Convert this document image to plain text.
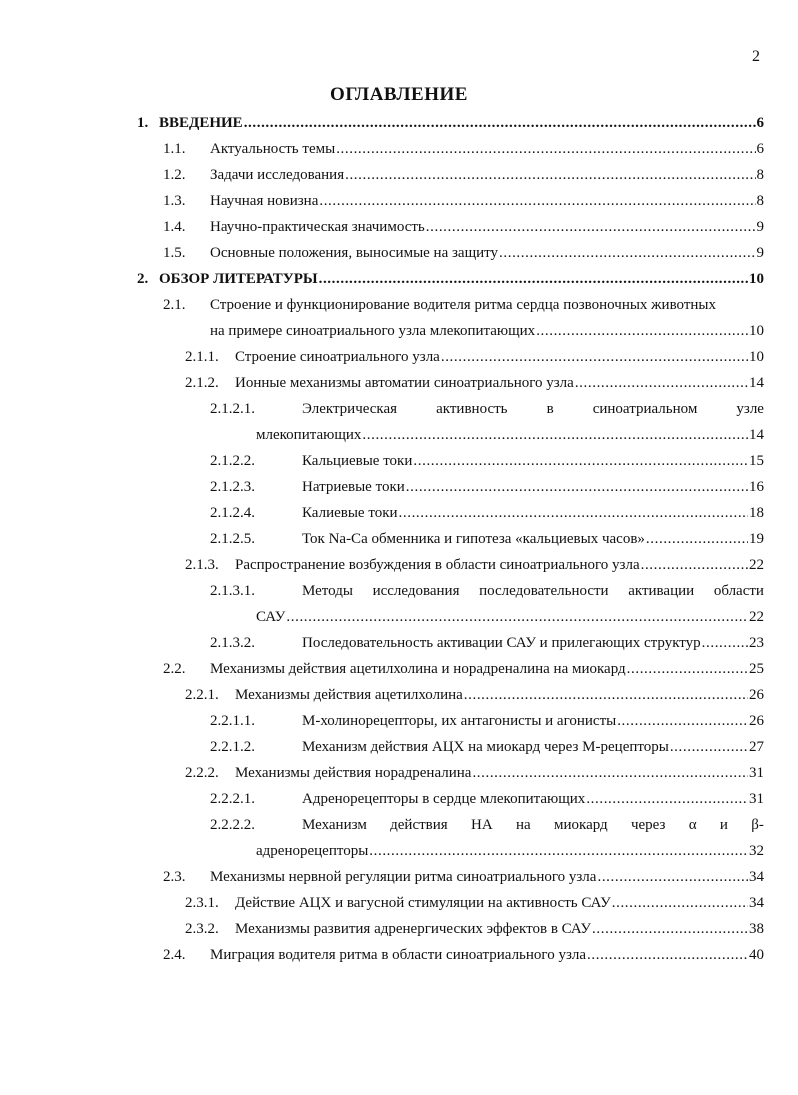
2
ОГЛАВЛЕНИЕ
1. ВВЕДЕНИЕ .....	6
1.1.	Актуальность темы .....	6
1.2.	Задачи исследования .....	8
1.3.	Научная новизна .....	8
1.4.	Научно-практическая значимость .....	9
1.5.	Основные положения, выносимые на защиту .....	9
2. ОБЗОР ЛИТЕРАТУРЫ .....	10
2.1.	Строение и функционирование водителя ритма сердца позвоночных животных
на примере синоатриального узла млекопитающих .....	10
2.1.1.	Строение синоатриального узла .....	10
2.1.2.	Ионные механизмы автоматии синоатриального узла .....	14
2.1.2.1.	Электрическая	активность	в	синоатриальном	узле
млекопитающих .....	14
2.1.2.2.	Кальциевые токи .....	15
2.1.2.3.	Натриевые токи .....	16
2.1.2.4.	Калиевые токи .....	18
2.1.2.5.	Ток Na-Ca обменника и гипотеза «кальциевых часов» .....	19
2.1.3.	Распространение возбуждения в области синоатриального узла .....	22
2.1.3.1.	Методы исследования последовательности активации области
САУ .....	22
2.1.3.2.	Последовательность активации САУ и прилегающих структур .....	23
2.2.	Механизмы действия ацетилхолина и норадреналина на миокард .....	25
2.2.1.	Механизмы действия ацетилхолина .....	26
2.2.1.1.	М-холинорецепторы, их антагонисты и агонисты .....	26
2.2.1.2.	Механизм действия АЦХ на миокард через М-рецепторы .....	27
2.2.2.	Механизмы действия норадреналина .....	31
2.2.2.1.	Адренорецепторы в сердце млекопитающих .....	31
2.2.2.2.	Механизм действия НА на миокард через α и β-
адренорецепторы .....	32
2.3.	Механизмы нервной регуляции ритма синоатриального узла .....	34
2.3.1.	Действие АЦХ и вагусной стимуляции на активность САУ .....	34
2.3.2.	Механизмы развития адренергических эффектов в САУ .....	38
2.4.	Миграция водителя ритма в области синоатриального узла .....	40
